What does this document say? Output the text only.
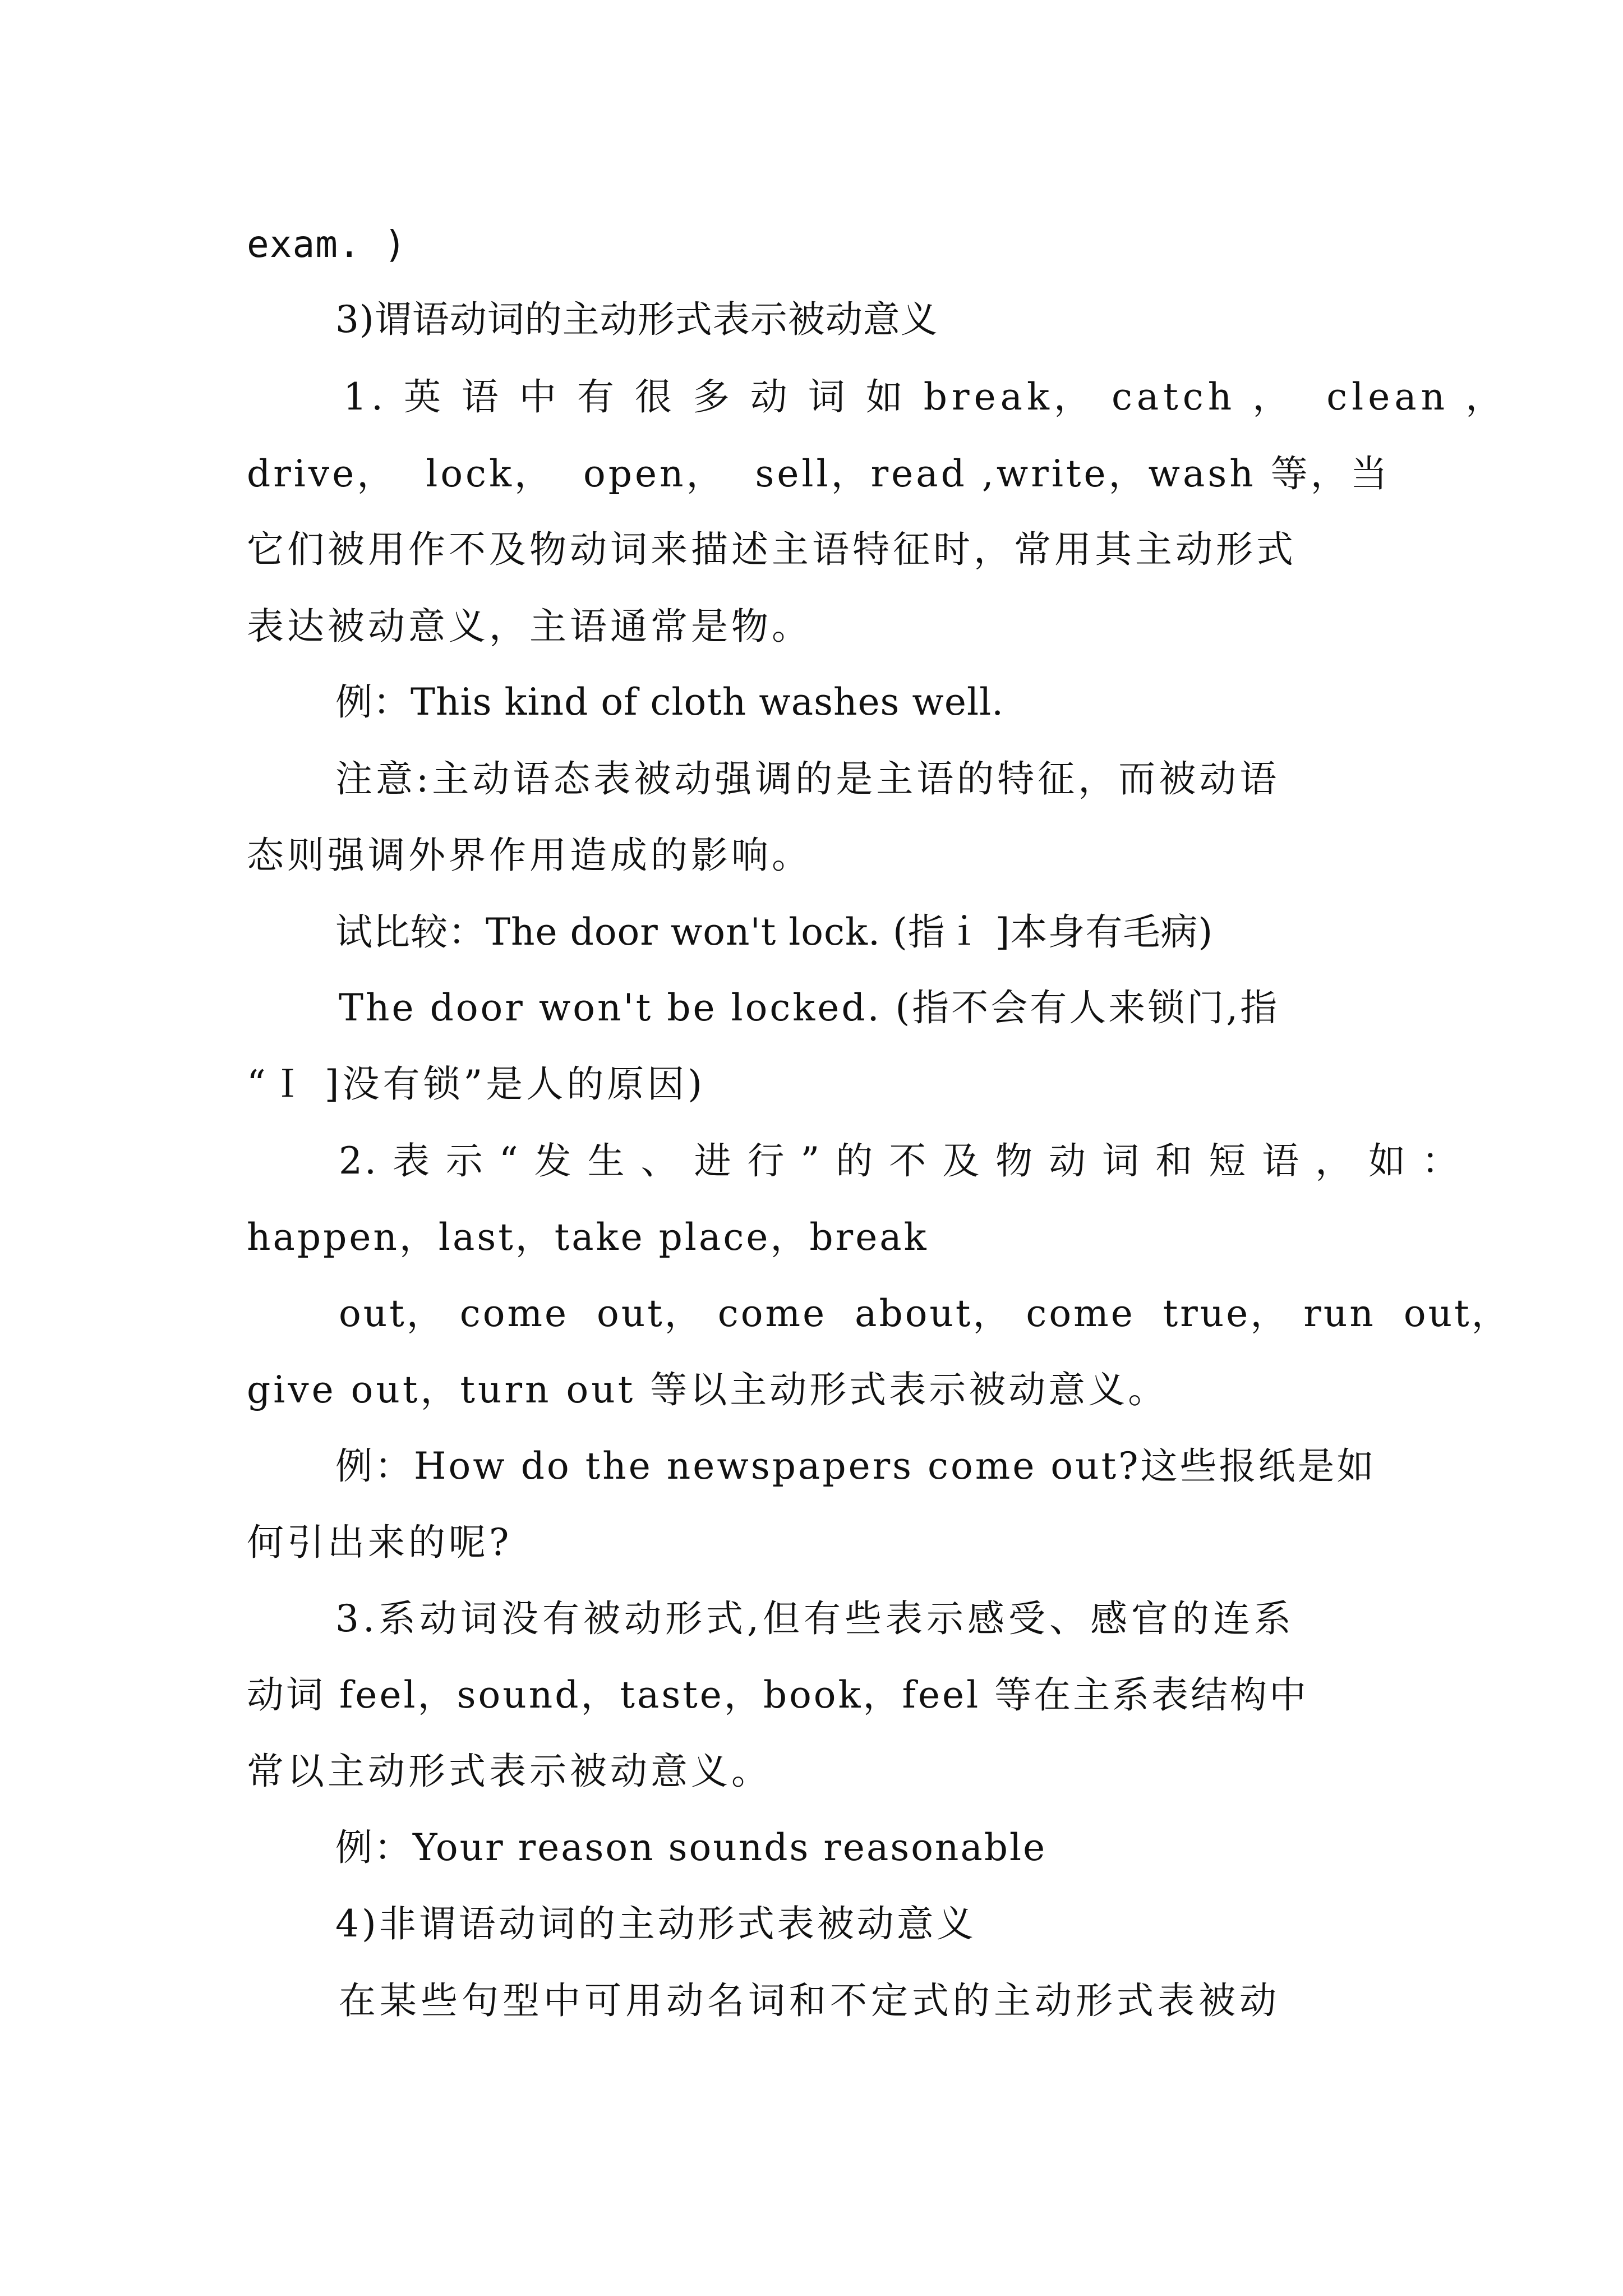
exam. )
3)谓语动词的主动形式表示被动意义
1. 英 语 中 有 很 多 动 词 如 break， catch ，  clean ，
drive，  lock，  open，  sell，read ,write，wash 等，当
它们被用作不及物动词来描述主语特征时，常用其主动形式
表达被动意义，主语通常是物。
例：This kind of cloth washes well.
注意:主动语态表被动强调的是主语的特征，而被动语
态则强调外界作用造成的影响。
试比较：The door won't lock. (指ｉ ]本身有毛病)
The door won't be locked. (指不会有人来锁门,指
“Ｉ ]没有锁”是人的原因)
2. 表 示 “ 发 生 、 进 行 ” 的 不 及 物 动 词 和 短 语 ， 如 ：
happen，last，take place，break
out， come  out， come  about， come  true， run  out，
give out，turn out 等以主动形式表示被动意义。
例：How do the newspapers come out?这些报纸是如
何引出来的呢?
3.系动词没有被动形式,但有些表示感受、感官的连系
动词 feel，sound，taste，book，feel 等在主系表结构中
常以主动形式表示被动意义。
例：Your reason sounds reasonable
4)非谓语动词的主动形式表被动意义
在某些句型中可用动名词和不定式的主动形式表被动
